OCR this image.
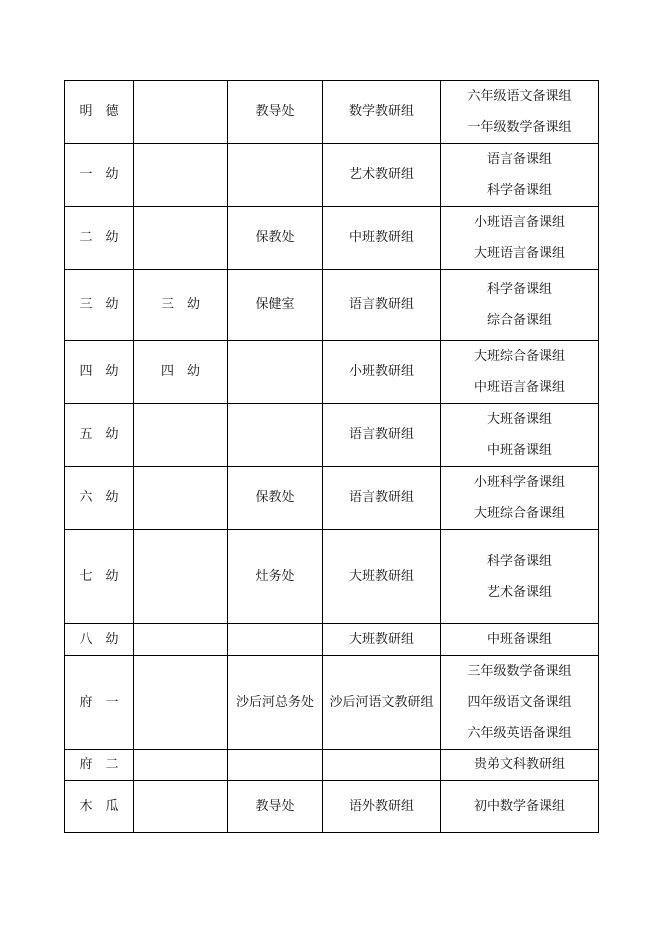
明　德		教导处	数学教研组	六年级语文备课组
一年级数学备课组

一　幼			艺术教研组	语言备课组
科学备课组

二　幼		保教处	中班教研组	小班语言备课组
大班语言备课组

三　幼	三　幼	保健室	语言教研组	科学备课组
综合备课组

四　幼	四　幼		小班教研组	大班综合备课组
中班语言备课组

五　幼			语言教研组	大班备课组
中班备课组

六　幼		保教处	语言教研组	小班科学备课组
大班综合备课组

七　幼		灶务处	大班教研组	科学备课组
艺术备课组

八　幼			大班教研组	中班备课组
府　一		沙后河总务处	沙后河语文教研组	三年级数学备课组
四年级语文备课组
六年级英语备课组

府　二				贵弟文科教研组
木　瓜		教导处	语外教研组	初中数学备课组
